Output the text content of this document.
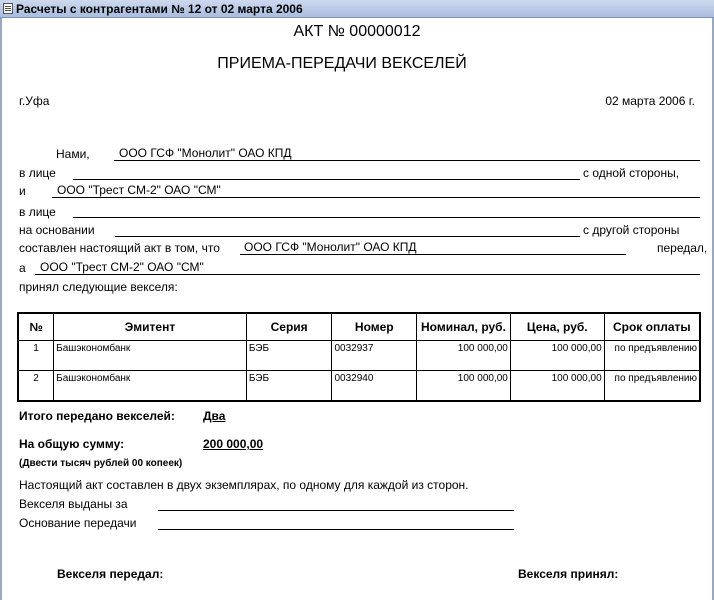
Расчеты с контрагентами № 12 от 02 марта 2006
АКТ № 00000012
ПРИЕМА-ПЕРЕДАЧИ ВЕКСЕЛЕЙ
г.Уфа	02 марта 2006 г.
Нами, ООО ГСФ "Монолит" ОАО КПД
в лице	с одной стороны,
и	ООО "Трест СМ-2" ОАО "СМ"
в лице
на основании	с другой стороны
составлен настоящий акт в том, что ООО ГСФ "Монолит" ОАО КПД	передал,
а ООО "Трест СМ-2" ОАО "СМ"
принял следующие векселя:
№	Эмитент	Серия	Номер	Номинал, руб.	Цена, руб.	Срок оплаты
1	Башэкономбанк	БЭБ	0032937	100 000,00	100 000,00	по предъявлению
2	Башэкономбанк	БЭБ	0032940	100 000,00	100 000,00	по предъявлению
Итого передано векселей: Два
На общую сумму:	200 000,00
(Двести тысяч рублей 00 копеек)
Настоящий акт составлен в двух экземплярах, по одному для каждой из сторон.
Векселя выданы за
Основание передачи
Векселя передал:	Векселя принял:
